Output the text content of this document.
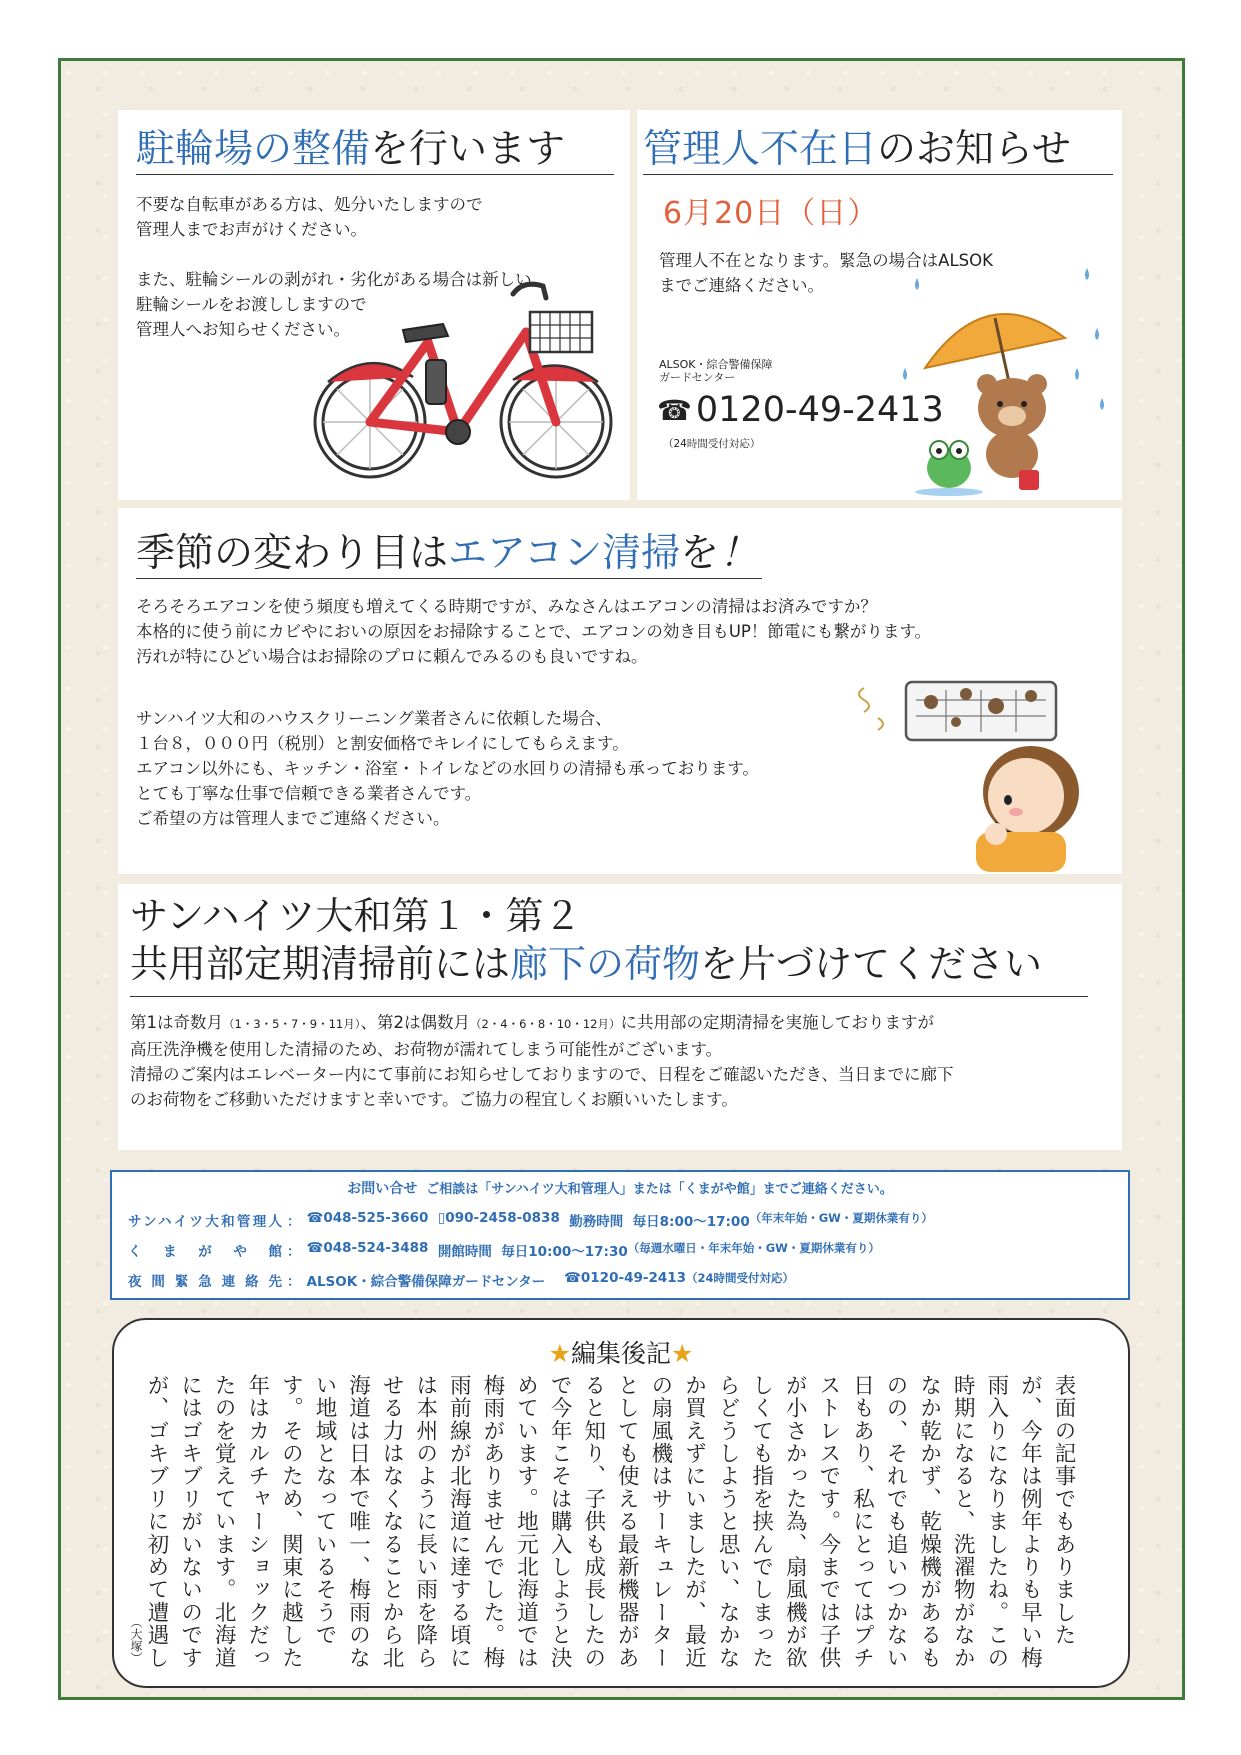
駐輪場の整備を行います
不要な自転車がある方は、処分いたしますので
管理人までお声がけください。

また、駐輪シールの剥がれ・劣化がある場合は新しい
駐輪シールをお渡ししますので
管理人へお知らせください。
管理人不在日のお知らせ
6月20日（日）
管理人不在となります。緊急の場合はALSOK
までご連絡ください。
ALSOK・綜合警備保障
ガードセンター
☎ 0120-49-2413
（24時間受付対応）
季節の変わり目はエアコン清掃を！
そろそろエアコンを使う頻度も増えてくる時期ですが、みなさんはエアコンの清掃はお済みですか？
本格的に使う前にカビやにおいの原因をお掃除することで、エアコンの効き目もUP！節電にも繋がります。
汚れが特にひどい場合はお掃除のプロに頼んでみるのも良いですね。
サンハイツ大和のハウスクリーニング業者さんに依頼した場合、
１台８，０００円（税別）と割安価格でキレイにしてもらえます。
エアコン以外にも、キッチン・浴室・トイレなどの水回りの清掃も承っております。
とても丁寧な仕事で信頼できる業者さんです。
ご希望の方は管理人までご連絡ください。
サンハイツ大和第１・第２
共用部定期清掃前には廊下の荷物を片づけてください
第1は奇数月（1・3・5・7・9・11月）、第2は偶数月（2・4・6・8・10・12月）に共用部の定期清掃を実施しておりますが
高圧洗浄機を使用した清掃のため、お荷物が濡れてしまう可能性がございます。
清掃のご案内はエレベーター内にて事前にお知らせしておりますので、日程をご確認いただき、当日までに廊下
のお荷物をご移動いただけますと幸いです。ご協力の程宜しくお願いいたします。
お問い合せ ご相談は「サンハイツ大和管理人」または「くまがや館」までご連絡ください。
サンハイツ大和管理人 ： ☎048-525-3660
▯090-2458-0838
勤務時間
毎日8:00～17:00 （年末年始・GW・夏期休業有り）
くまがや館 ： ☎048-524-3488
開館時間
毎日10:00～17:30 （毎週水曜日・年末年始・GW・夏期休業有り）
夜間緊急連絡先 ： ALSOK・綜合警備保障ガードセンター
☎0120-49-2413 （24時間受付対応）
★編集後記★
表面の記事でもありましたが、今年は例年よりも早い梅雨入りになりましたね。この時期になると、洗濯物がなかなか乾かず、乾燥機があるものの、それでも追いつかない日もあり、私にとってはプチストレスです。今までは子供が小さかった為、扇風機が欲しくても指を挟んでしまったらどうしようと思い、なかなか買えずにいましたが、最近の扇風機はサーキュレーターとしても使える最新機器があると知り、子供も成長したので今年こそは購入しようと決めています。地元北海道では梅雨がありませんでした。梅雨前線が北海道に達する頃には本州のように長い雨を降らせる力はなくなることから北海道は日本で唯一、梅雨のない地域となっているそうです。そのため、関東に越した年はカルチャーショックだったのを覚えています。北海道にはゴキブリがいないのですが、ゴキブリに初めて遭遇し
（大塚）
